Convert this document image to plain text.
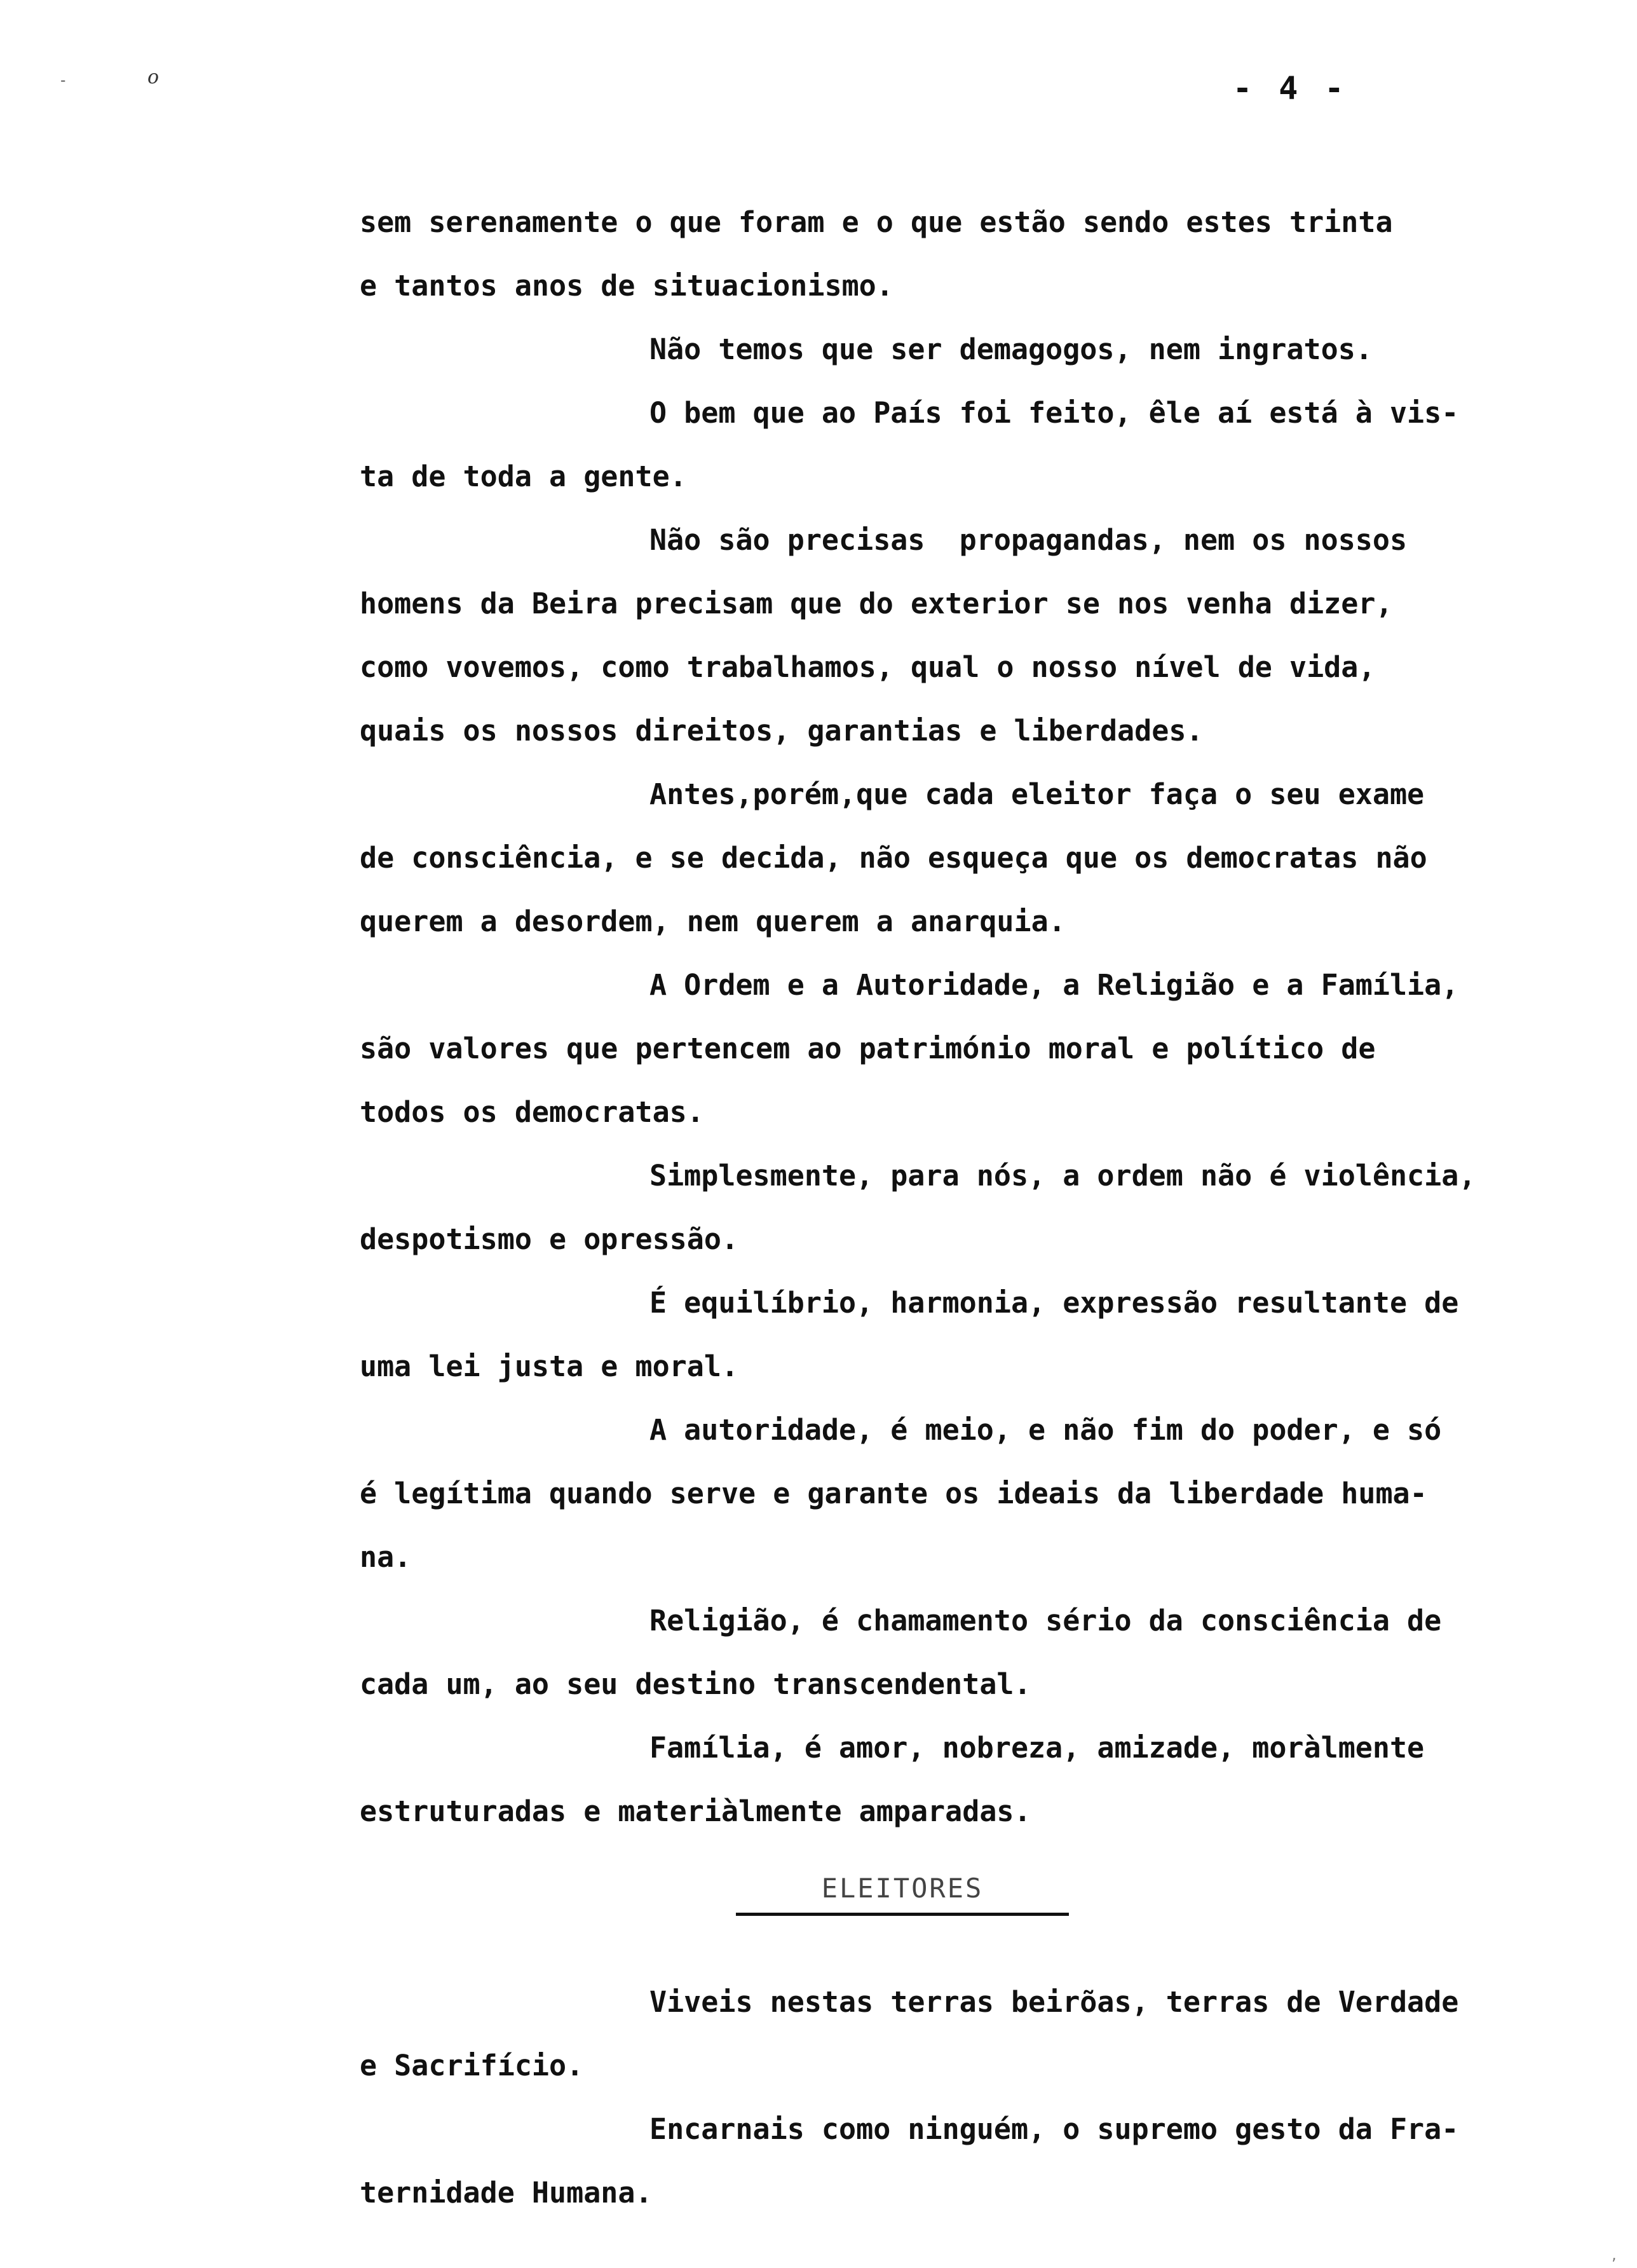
-	o	- 4 -
sem serenamente o que foram e o que estão sendo estes trinta
e tantos anos de situacionismo.
Não temos que ser demagogos, nem ingratos.
O bem que ao País foi feito, êle aí está à vis-
ta de toda a gente.
Não são precisas  propagandas, nem os nossos
homens da Beira precisam que do exterior se nos venha dizer,
como vovemos, como trabalhamos, qual o nosso nível de vida,
quais os nossos direitos, garantias e liberdades.
Antes,porém,que cada eleitor faça o seu exame
de consciência, e se decida, não esqueça que os democratas não
querem a desordem, nem querem a anarquia.
A Ordem e a Autoridade, a Religião e a Família,
são valores que pertencem ao património moral e político de
todos os democratas.
Simplesmente, para nós, a ordem não é violência,
despotismo e opressão.
É equilíbrio, harmonia, expressão resultante de
uma lei justa e moral.
A autoridade, é meio, e não fim do poder, e só
é legítima quando serve e garante os ideais da liberdade huma-
na.
Religião, é chamamento sério da consciência de
cada um, ao seu destino transcendental.
Família, é amor, nobreza, amizade, moràlmente
estruturadas e materiàlmente amparadas.
ELEITORES
Viveis nestas terras beirõas, terras de Verdade
e Sacrifício.
Encarnais como ninguém, o supremo gesto da Fra-
ternidade Humana.
,
